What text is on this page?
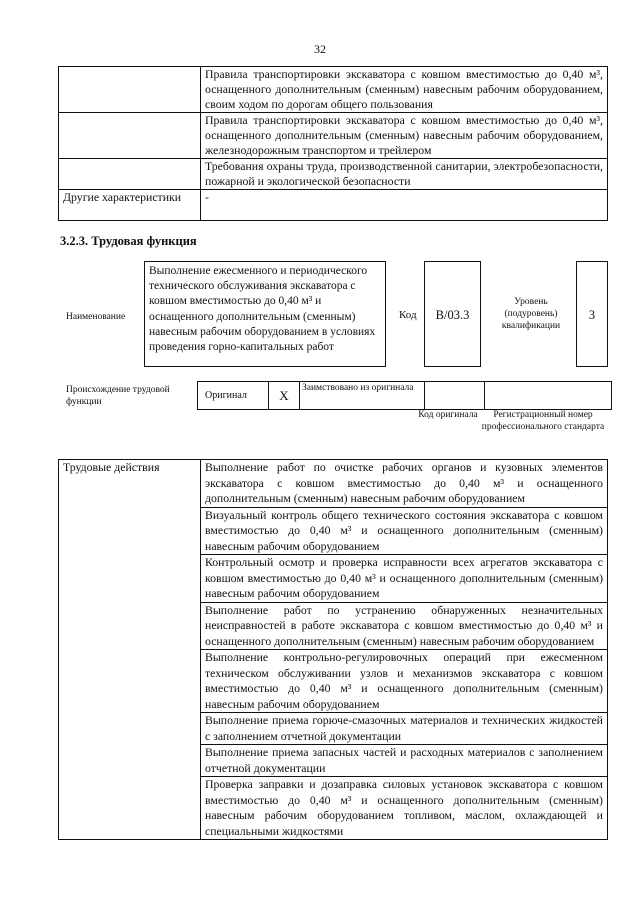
32
	Правила транспортировки экскаватора с ковшом вместимостью до 0,40 м³, оснащенного дополнительным (сменным) навесным рабочим оборудованием, своим ходом по дорогам общего пользования
	Правила транспортировки экскаватора с ковшом вместимостью до 0,40 м³, оснащенного дополнительным (сменным) навесным рабочим оборудованием, железнодорожным транспортом и трейлером
	Требования охраны труда, производственной санитарии, электробезопасности, пожарной и экологической безопасности
Другие характеристики	-
3.2.3. Трудовая функция
Наименование
Выполнение ежесменного и периодического технического обслуживания экскаватора с ковшом вместимостью до 0,40 м³ и оснащенного дополнительным (сменным) навесным рабочим оборудованием в условиях проведения горно-капитальных работ
Код	B/03.3
Уровень (подуровень) квалификации
3
Происхождение трудовой функции
Оригинал	X	Заимствовано из оригинала		
Код оригинала	Регистрационный номер профессионального стандарта
Трудовые действия	Выполнение работ по очистке рабочих органов и кузовных элементов экскаватора с ковшом вместимостью до 0,40 м³ и оснащенного дополнительным (сменным) навесным рабочим оборудованием
Визуальный контроль общего технического состояния экскаватора с ковшом вместимостью до 0,40 м³ и оснащенного дополнительным (сменным) навесным рабочим оборудованием
Контрольный осмотр и проверка исправности всех агрегатов экскаватора с ковшом вместимостью до 0,40 м³ и оснащенного дополнительным (сменным) навесным рабочим оборудованием
Выполнение работ по устранению обнаруженных незначительных неисправностей в работе экскаватора с ковшом вместимостью до 0,40 м³ и оснащенного дополнительным (сменным) навесным рабочим оборудованием
Выполнение контрольно-регулировочных операций при ежесменном техническом обслуживании узлов и механизмов экскаватора с ковшом вместимостью до 0,40 м³ и оснащенного дополнительным (сменным) навесным рабочим оборудованием
Выполнение приема горюче-смазочных материалов и технических жидкостей с заполнением отчетной документации
Выполнение приема запасных частей и расходных материалов с заполнением отчетной документации
Проверка заправки и дозаправка силовых установок экскаватора с ковшом вместимостью до 0,40 м³ и оснащенного дополнительным (сменным) навесным рабочим оборудованием топливом, маслом, охлаждающей и специальными жидкостями
